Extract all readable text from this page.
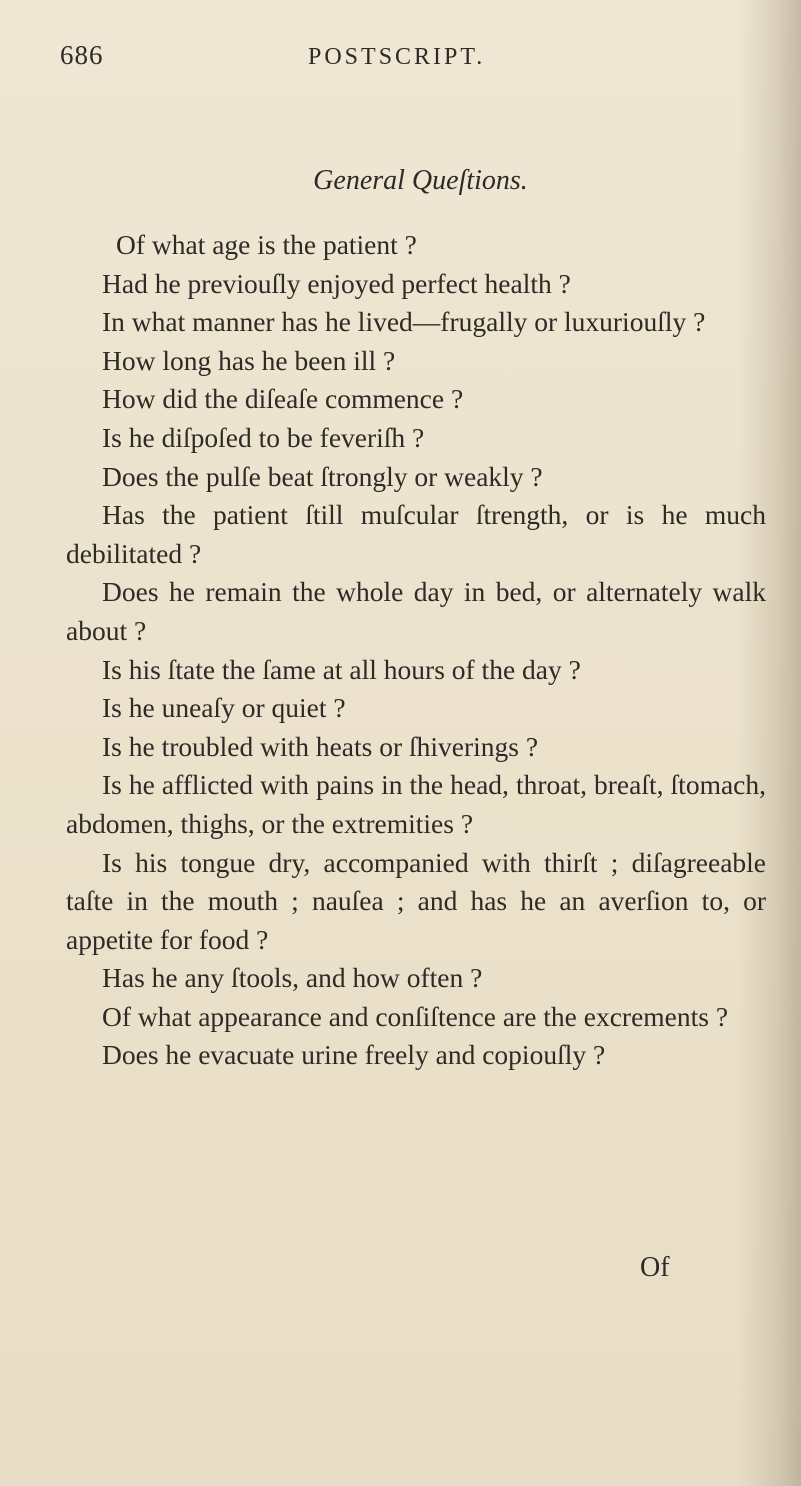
686	POSTSCRIPT.
General Queſtions.

Of what age is the patient ?

Had he previouſly enjoyed perfect health ?

In what manner has he lived—frugally or luxuriouſly ?

How long has he been ill ?

How did the diſeaſe commence ?

Is he diſpoſed to be feveriſh ?

Does the pulſe beat ſtrongly or weakly ?

Has the patient ſtill muſcular ſtrength, or is he much debilitated ?

Does he remain the whole day in bed, or alternately walk about ?

Is his ſtate the ſame at all hours of the day ?

Is he uneaſy or quiet ?

Is he troubled with heats or ſhiverings ?

Is he afflicted with pains in the head, throat, breaſt, ſtomach, abdomen, thighs, or the extremities ?

Is his tongue dry, accompanied with thirſt ; diſagreeable taſte in the mouth ; nauſea ; and has he an averſion to, or appetite for food ?

Has he any ſtools, and how often ?

Of what appearance and conſiſtence are the excrements ?

Does he evacuate urine freely and copiouſly ?

Of
